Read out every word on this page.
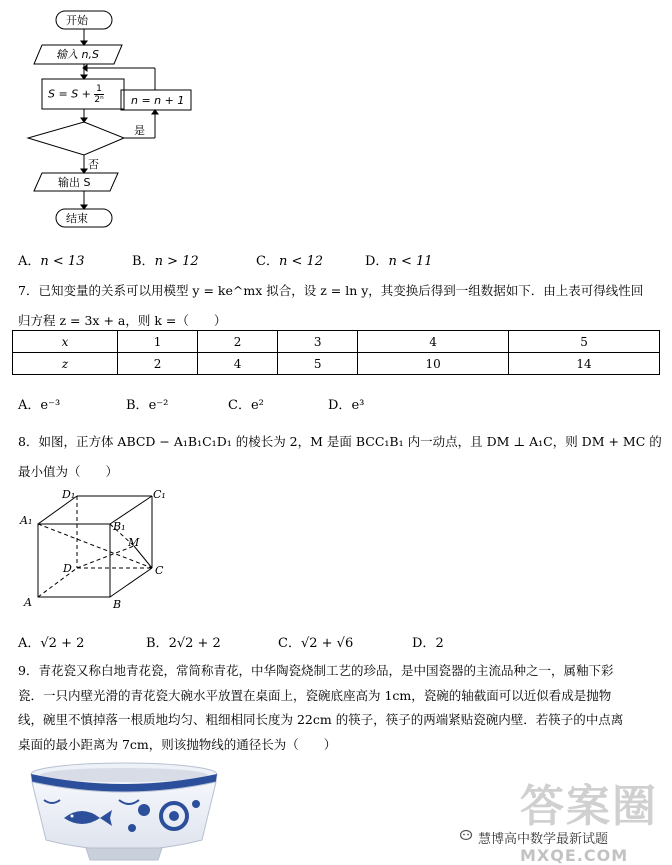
开始
输入 n,S
$S = S + \frac{1}{\text{2ⁿ}}$ n = n + 1
是
否
输出 S
结束
A．n < 13	B．n > 12	C．n < 12	D．n < 11
7．已知变量的关系可以用模型 y = ke^mx 拟合，设 z = ln y，其变换后得到一组数据如下．由上表可得线性回
归方程 z = 3x + a，则 k =（　　）
x	1	2	3	4	5
z	2	4	5	10	14
A．e⁻³	B．e⁻²	C．e²	D．e³
8．如图，正方体 ABCD − A₁B₁C₁D₁ 的棱长为 2，M 是面 BCC₁B₁ 内一动点，且 DM ⊥ A₁C，则 DM + MC 的
最小值为（　　）
D₁	C₁
A₁	B₁
M
D	C
A	B
A．√2 + 2	B．2√2 + 2	C．√2 + √6	D．2
9．青花瓷又称白地青花瓷，常简称青花，中华陶瓷烧制工艺的珍品，是中国瓷器的主流品种之一，属釉下彩
瓷．一只内壁光滑的青花瓷大碗水平放置在桌面上，瓷碗底座高为 1cm，瓷碗的轴截面可以近似看成是抛物
线，碗里不慎掉落一根质地均匀、粗细相同长度为 22cm 的筷子，筷子的两端紧贴瓷碗内壁．若筷子的中点离
桌面的最小距离为 7cm，则该抛物线的通径长为（　　）
答案圈
慧博高中数学最新试题
MXQE.COM
